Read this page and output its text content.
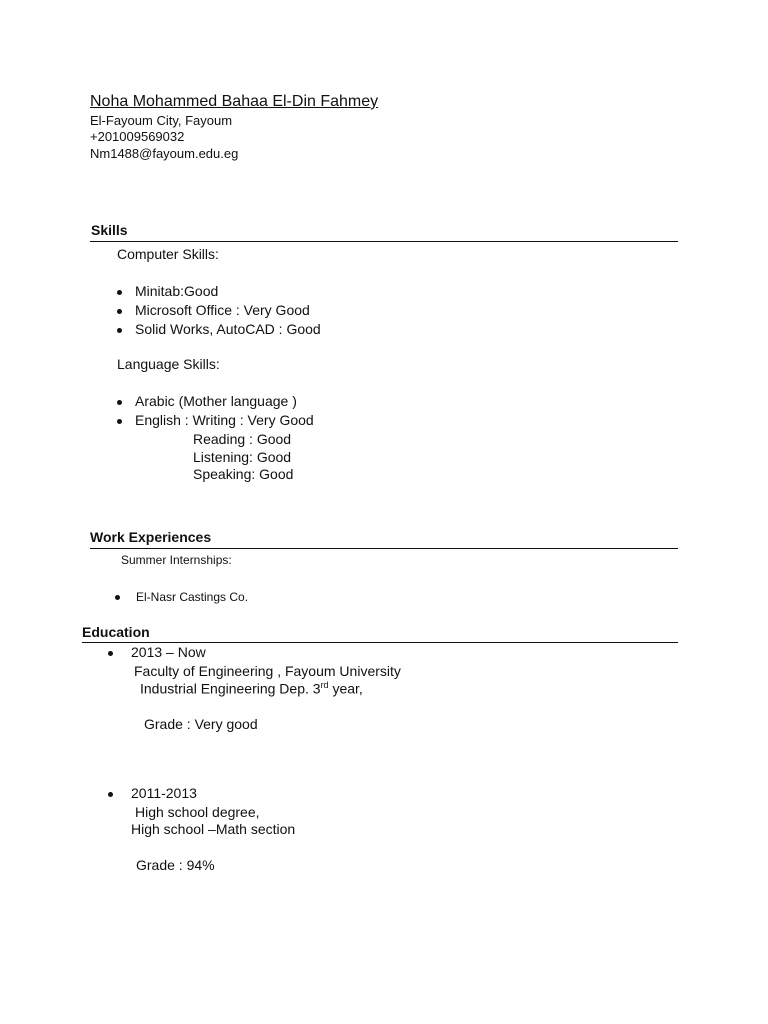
Noha Mohammed Bahaa El-Din Fahmey
El-Fayoum City, Fayoum
+201009569032
Nm1488@fayoum.edu.eg
Skills
Computer Skills:
Minitab:Good
Microsoft Office : Very Good
Solid Works, AutoCAD : Good
Language Skills:
Arabic (Mother language )
English : Writing : Very Good
Reading : Good
Listening: Good
Speaking: Good
Work Experiences
Summer Internships:
El-Nasr Castings Co.
Education
2013 – Now
Faculty of Engineering , Fayoum University
Industrial Engineering Dep. 3rd year,
Grade : Very good
2011-2013
High school degree,
High school –Math section
Grade : 94%
